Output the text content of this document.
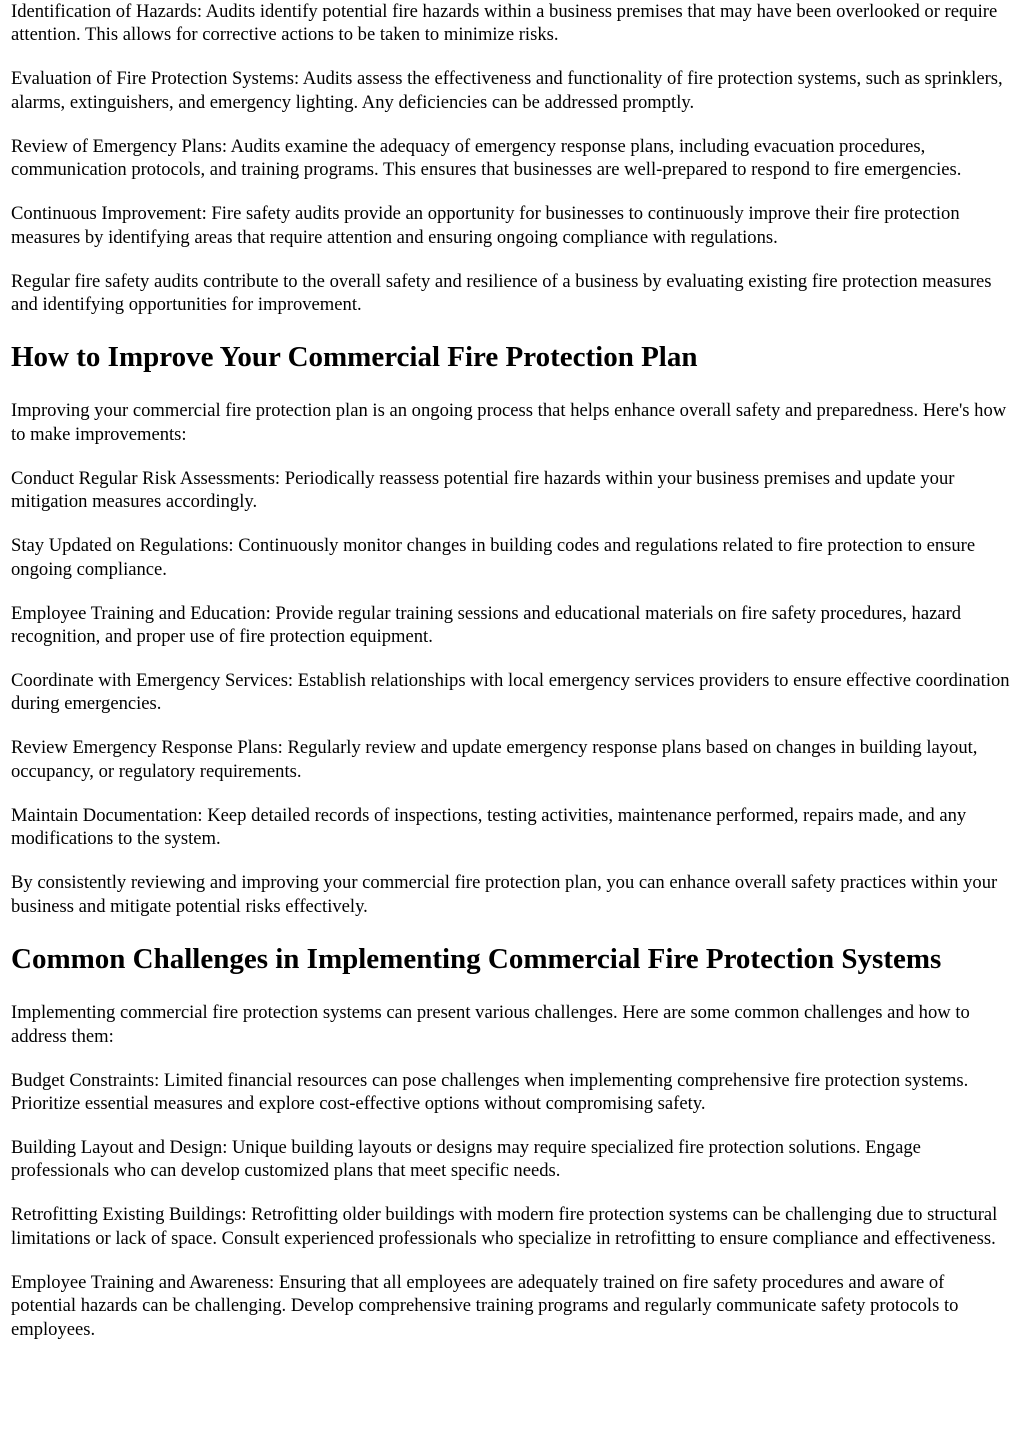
Identification of Hazards: Audits identify potential fire hazards within a business premises that may have been overlooked or require attention. This allows for corrective actions to be taken to minimize risks.

Evaluation of Fire Protection Systems: Audits assess the effectiveness and functionality of fire protection systems, such as sprinklers, alarms, extinguishers, and emergency lighting. Any deficiencies can be addressed promptly.

Review of Emergency Plans: Audits examine the adequacy of emergency response plans, including evacuation procedures, communication protocols, and training programs. This ensures that businesses are well-prepared to respond to fire emergencies.

Continuous Improvement: Fire safety audits provide an opportunity for businesses to continuously improve their fire protection measures by identifying areas that require attention and ensuring ongoing compliance with regulations.

Regular fire safety audits contribute to the overall safety and resilience of a business by evaluating existing fire protection measures and identifying opportunities for improvement.

How to Improve Your Commercial Fire Protection Plan

Improving your commercial fire protection plan is an ongoing process that helps enhance overall safety and preparedness. Here's how to make improvements:

Conduct Regular Risk Assessments: Periodically reassess potential fire hazards within your business premises and update your mitigation measures accordingly.

Stay Updated on Regulations: Continuously monitor changes in building codes and regulations related to fire protection to ensure ongoing compliance.

Employee Training and Education: Provide regular training sessions and educational materials on fire safety procedures, hazard recognition, and proper use of fire protection equipment.

Coordinate with Emergency Services: Establish relationships with local emergency services providers to ensure effective coordination during emergencies.

Review Emergency Response Plans: Regularly review and update emergency response plans based on changes in building layout, occupancy, or regulatory requirements.

Maintain Documentation: Keep detailed records of inspections, testing activities, maintenance performed, repairs made, and any modifications to the system.

By consistently reviewing and improving your commercial fire protection plan, you can enhance overall safety practices within your business and mitigate potential risks effectively.

Common Challenges in Implementing Commercial Fire Protection Systems

Implementing commercial fire protection systems can present various challenges. Here are some common challenges and how to address them:

Budget Constraints: Limited financial resources can pose challenges when implementing comprehensive fire protection systems. Prioritize essential measures and explore cost-effective options without compromising safety.

Building Layout and Design: Unique building layouts or designs may require specialized fire protection solutions. Engage professionals who can develop customized plans that meet specific needs.

Retrofitting Existing Buildings: Retrofitting older buildings with modern fire protection systems can be challenging due to structural limitations or lack of space. Consult experienced professionals who specialize in retrofitting to ensure compliance and effectiveness.

Employee Training and Awareness: Ensuring that all employees are adequately trained on fire safety procedures and aware of potential hazards can be challenging. Develop comprehensive training programs and regularly communicate safety protocols to employees.
